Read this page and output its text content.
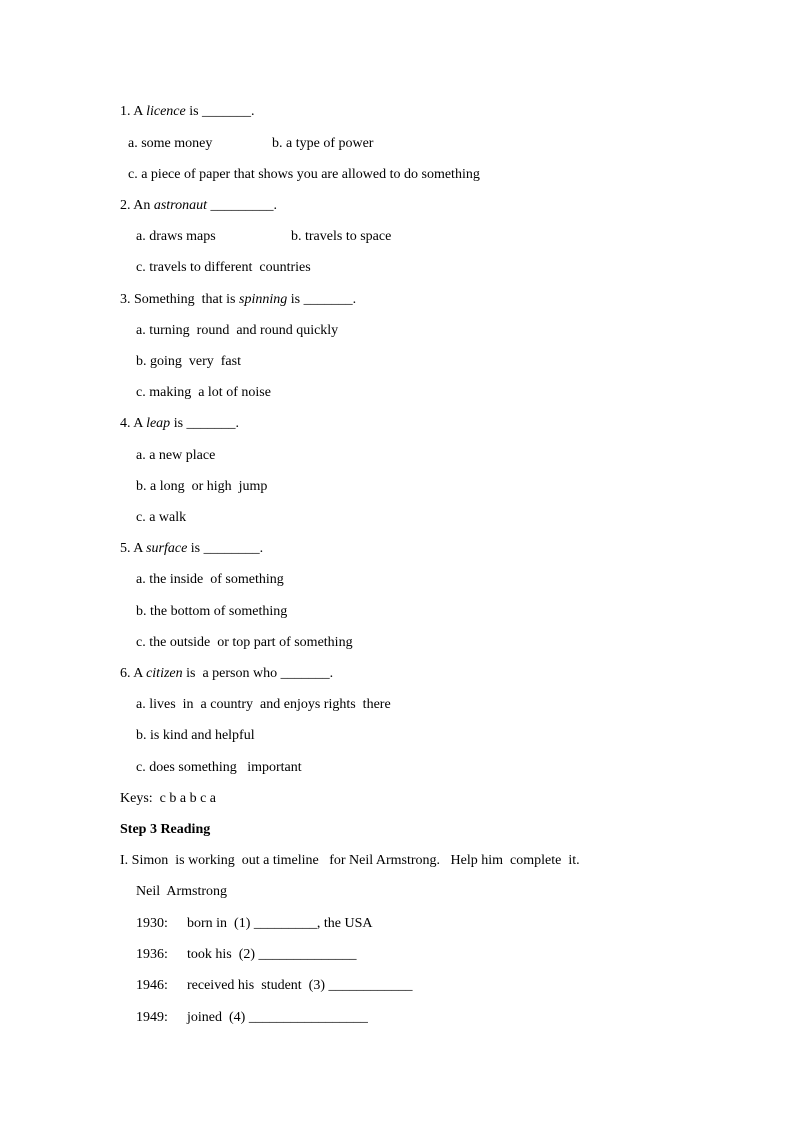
1. A licence is _______.
a. some money	b. a type of power
c. a piece of paper that shows you are allowed to do something
2. An astronaut _________.
a. draws maps	b. travels to space
c. travels to different  countries
3. Something  that is spinning is _______.
a. turning  round  and round quickly
b. going  very  fast
c. making  a lot of noise
4. A leap is _______.
a. a new place
b. a long  or high  jump
c. a walk
5. A surface is ________.
a. the inside  of something
b. the bottom of something
c. the outside  or top part of something
6. A citizen is  a person who _______.
a. lives  in  a country  and enjoys rights  there
b. is kind and helpful
c. does something   important
Keys:  c b a b c a
Step 3 Reading
I. Simon  is working  out a timeline   for Neil Armstrong.   Help him  complete  it.
Neil  Armstrong
1930: born in  (1) _________, the USA
1936: took his  (2) ______________
1946: received his  student  (3) ____________
1949: joined  (4) _________________
